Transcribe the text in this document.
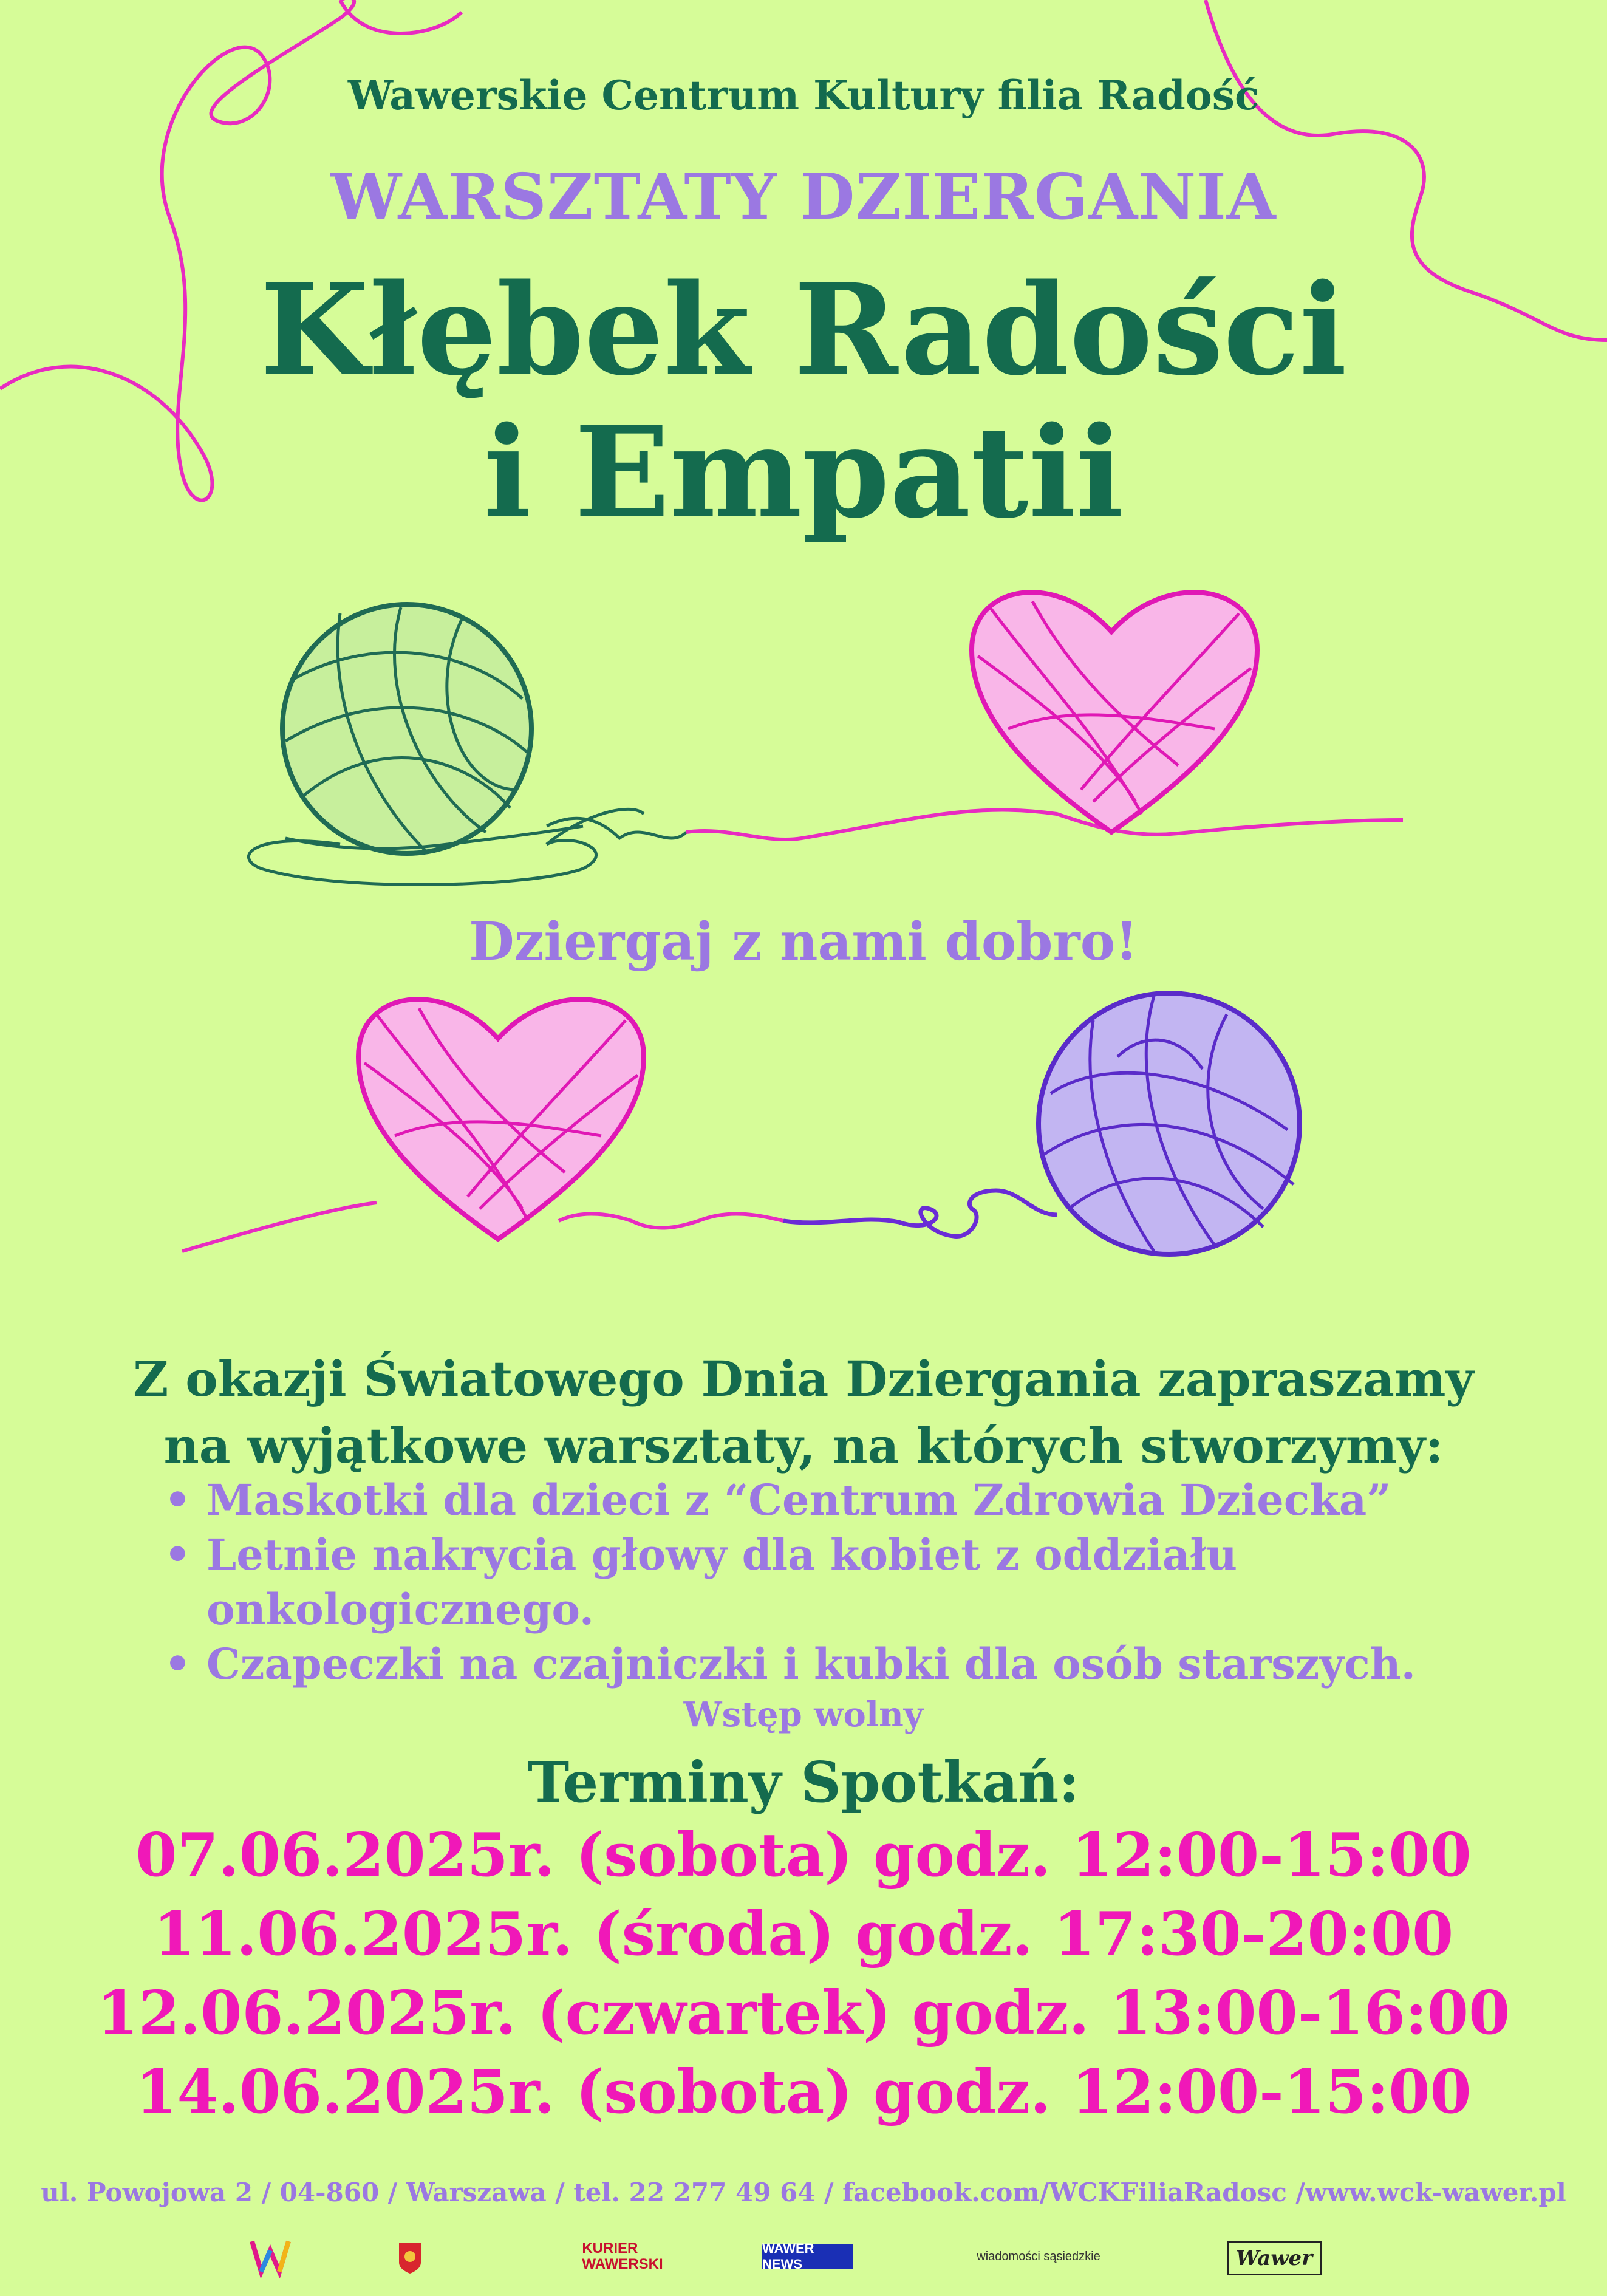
Wawerskie Centrum Kultury filia Radość
WARSZTATY DZIERGANIA
Kłębek Radości
i Empatii
Dziergaj z nami dobro!
Z okazji Światowego Dnia Dziergania zapraszamy
na wyjątkowe warsztaty, na których stworzymy:
• Maskotki dla dzieci z “Centrum Zdrowia Dziecka”
• Letnie nakrycia głowy dla kobiet z oddziału onkologicznego.
• Czapeczki na czajniczki i kubki dla osób starszych.
Wstęp wolny
Terminy Spotkań:
07.06.2025r. (sobota) godz. 12:00-15:00
11.06.2025r. (środa) godz. 17:30-20:00
12.06.2025r. (czwartek) godz. 13:00-16:00
14.06.2025r. (sobota) godz. 12:00-15:00
ul. Powojowa 2 / 04-860 / Warszawa / tel. 22 277 49 64 / facebook.com/WCKFiliaRadosc /www.wck-wawer.pl
KURIER
WAWERSKI
WAWER NEWS
wiadomości sąsiedzkie	Wawer
